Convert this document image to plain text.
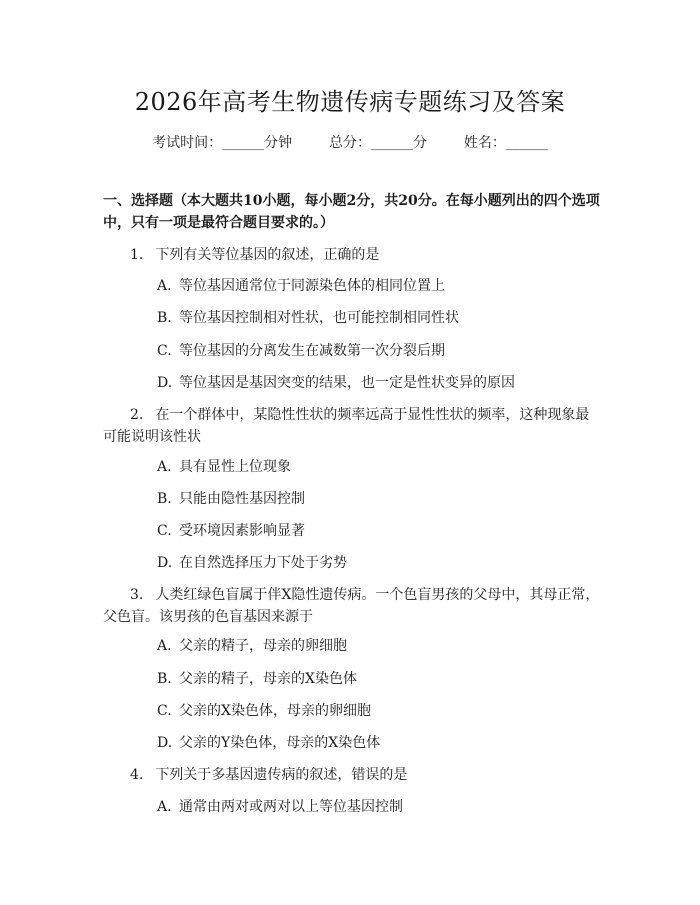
2026年高考生物遗传病专题练习及答案
考试时间：______分钟	总分：______分	姓名：______
一、选择题（本大题共10小题，每小题2分，共20分。在每小题列出的四个选项中，只有一项是最符合题目要求的。）
1. 下列有关等位基因的叙述，正确的是
A. 等位基因通常位于同源染色体的相同位置上
B. 等位基因控制相对性状，也可能控制相同性状
C. 等位基因的分离发生在减数第一次分裂后期
D. 等位基因是基因突变的结果，也一定是性状变异的原因
2. 在一个群体中，某隐性性状的频率远高于显性性状的频率，这种现象最可能说明该性状
A. 具有显性上位现象
B. 只能由隐性基因控制
C. 受环境因素影响显著
D. 在自然选择压力下处于劣势
3. 人类红绿色盲属于伴X隐性遗传病。一个色盲男孩的父母中，其母正常，父色盲。该男孩的色盲基因来源于
A. 父亲的精子，母亲的卵细胞
B. 父亲的精子，母亲的X染色体
C. 父亲的X染色体，母亲的卵细胞
D. 父亲的Y染色体，母亲的X染色体
4. 下列关于多基因遗传病的叙述，错误的是
A. 通常由两对或两对以上等位基因控制
